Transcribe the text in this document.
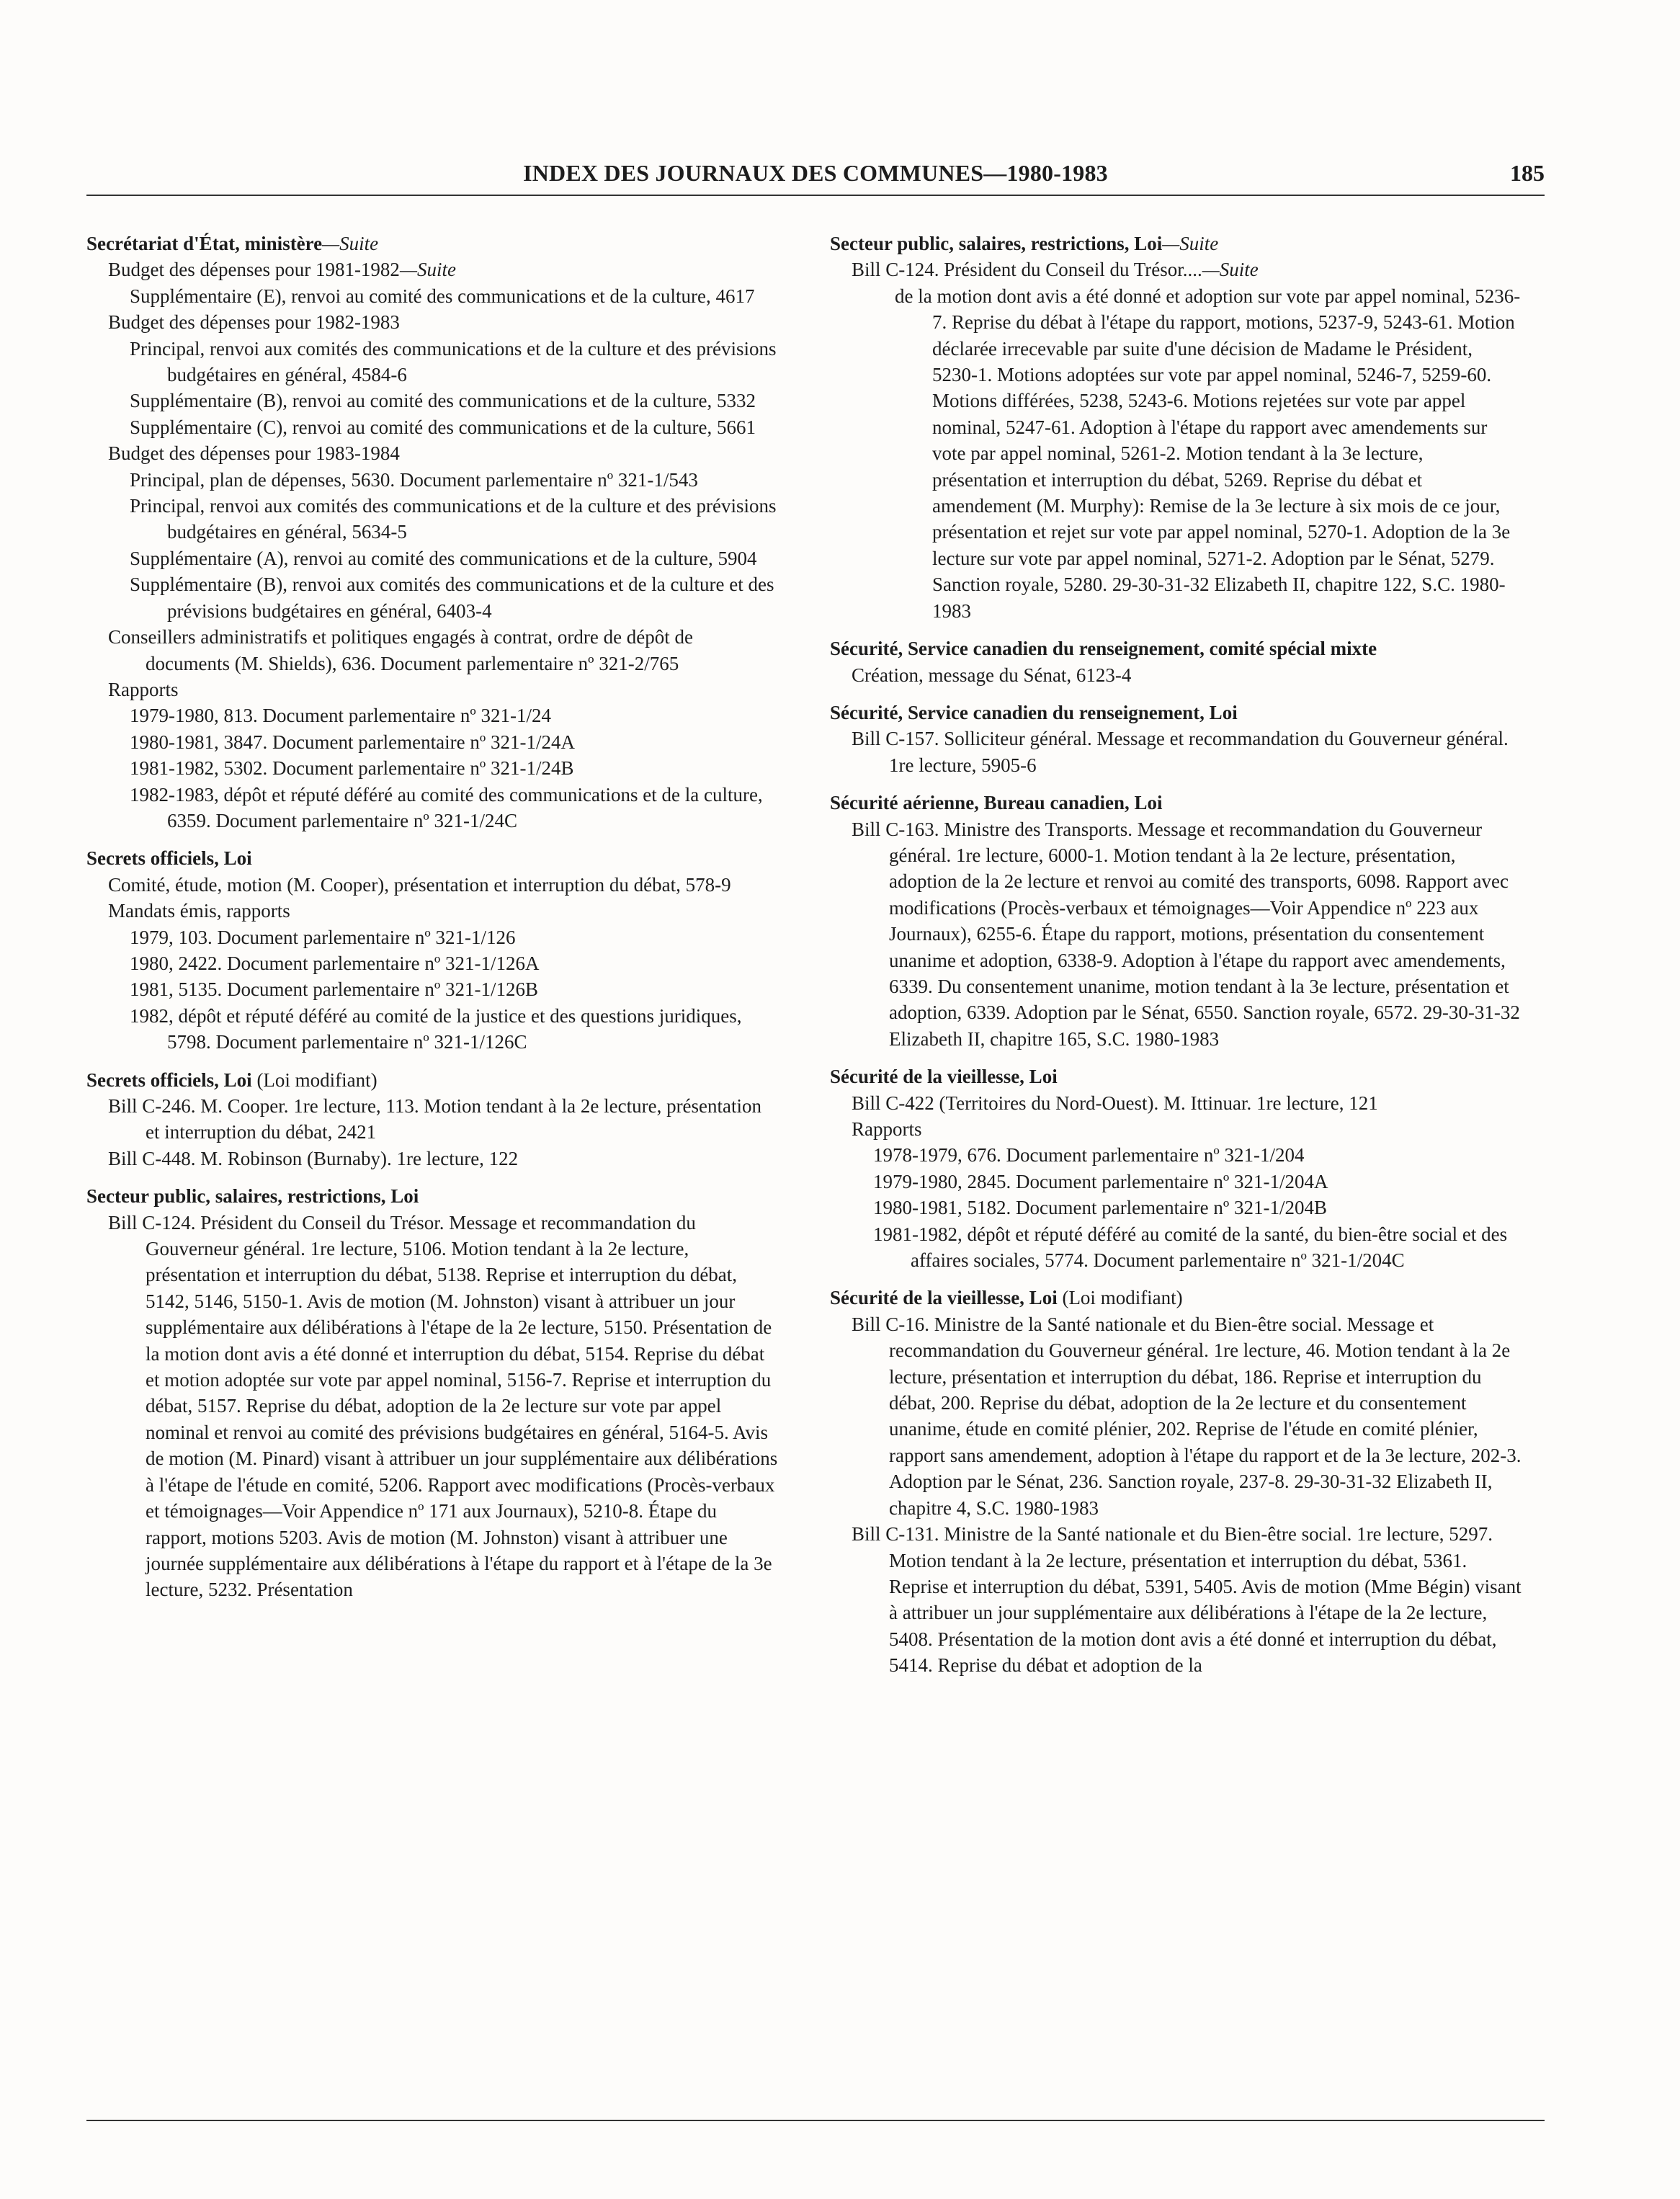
INDEX DES JOURNAUX DES COMMUNES—1980-1983	185
Secrétariat d'État, ministère—Suite
Budget des dépenses pour 1981-1982—Suite
Supplémentaire (E), renvoi au comité des communications et de la culture, 4617
Budget des dépenses pour 1982-1983
Principal, renvoi aux comités des communications et de la culture et des prévisions budgétaires en général, 4584-6
Supplémentaire (B), renvoi au comité des communications et de la culture, 5332
Supplémentaire (C), renvoi au comité des communications et de la culture, 5661
Budget des dépenses pour 1983-1984
Principal, plan de dépenses, 5630. Document parlementaire nº 321-1/543
Principal, renvoi aux comités des communications et de la culture et des prévisions budgétaires en général, 5634-5
Supplémentaire (A), renvoi au comité des communications et de la culture, 5904
Supplémentaire (B), renvoi aux comités des communications et de la culture et des prévisions budgétaires en général, 6403-4
Conseillers administratifs et politiques engagés à contrat, ordre de dépôt de documents (M. Shields), 636. Document parlementaire nº 321-2/765
Rapports
1979-1980, 813. Document parlementaire nº 321-1/24
1980-1981, 3847. Document parlementaire nº 321-1/24A
1981-1982, 5302. Document parlementaire nº 321-1/24B
1982-1983, dépôt et réputé déféré au comité des communications et de la culture, 6359. Document parlementaire nº 321-1/24C
Secrets officiels, Loi
Comité, étude, motion (M. Cooper), présentation et interruption du débat, 578-9
Mandats émis, rapports
1979, 103. Document parlementaire nº 321-1/126
1980, 2422. Document parlementaire nº 321-1/126A
1981, 5135. Document parlementaire nº 321-1/126B
1982, dépôt et réputé déféré au comité de la justice et des questions juridiques, 5798. Document parlementaire nº 321-1/126C
Secrets officiels, Loi (Loi modifiant)
Bill C-246. M. Cooper. 1re lecture, 113. Motion tendant à la 2e lecture, présentation et interruption du débat, 2421
Bill C-448. M. Robinson (Burnaby). 1re lecture, 122
Secteur public, salaires, restrictions, Loi
Bill C-124. Président du Conseil du Trésor. Message et recommandation du Gouverneur général. 1re lecture, 5106. Motion tendant à la 2e lecture, présentation et interruption du débat, 5138. Reprise et interruption du débat, 5142, 5146, 5150-1. Avis de motion (M. Johnston) visant à attribuer un jour supplémentaire aux délibérations à l'étape de la 2e lecture, 5150. Présentation de la motion dont avis a été donné et interruption du débat, 5154. Reprise du débat et motion adoptée sur vote par appel nominal, 5156-7. Reprise et interruption du débat, 5157. Reprise du débat, adoption de la 2e lecture sur vote par appel nominal et renvoi au comité des prévisions budgétaires en général, 5164-5. Avis de motion (M. Pinard) visant à attribuer un jour supplémentaire aux délibérations à l'étape de l'étude en comité, 5206. Rapport avec modifications (Procès-verbaux et témoignages—Voir Appendice nº 171 aux Journaux), 5210-8. Étape du rapport, motions 5203. Avis de motion (M. Johnston) visant à attribuer une journée supplémentaire aux délibérations à l'étape du rapport et à l'étape de la 3e lecture, 5232. Présentation
Secteur public, salaires, restrictions, Loi—Suite
Bill C-124. Président du Conseil du Trésor....—Suite
de la motion dont avis a été donné et adoption sur vote par appel nominal, 5236-7. Reprise du débat à l'étape du rapport, motions, 5237-9, 5243-61. Motion déclarée irrecevable par suite d'une décision de Madame le Président, 5230-1. Motions adoptées sur vote par appel nominal, 5246-7, 5259-60. Motions différées, 5238, 5243-6. Motions rejetées sur vote par appel nominal, 5247-61. Adoption à l'étape du rapport avec amendements sur vote par appel nominal, 5261-2. Motion tendant à la 3e lecture, présentation et interruption du débat, 5269. Reprise du débat et amendement (M. Murphy): Remise de la 3e lecture à six mois de ce jour, présentation et rejet sur vote par appel nominal, 5270-1. Adoption de la 3e lecture sur vote par appel nominal, 5271-2. Adoption par le Sénat, 5279. Sanction royale, 5280. 29-30-31-32 Elizabeth II, chapitre 122, S.C. 1980-1983
Sécurité, Service canadien du renseignement, comité spécial mixte
Création, message du Sénat, 6123-4
Sécurité, Service canadien du renseignement, Loi
Bill C-157. Solliciteur général. Message et recommandation du Gouverneur général. 1re lecture, 5905-6
Sécurité aérienne, Bureau canadien, Loi
Bill C-163. Ministre des Transports. Message et recommandation du Gouverneur général. 1re lecture, 6000-1. Motion tendant à la 2e lecture, présentation, adoption de la 2e lecture et renvoi au comité des transports, 6098. Rapport avec modifications (Procès-verbaux et témoignages—Voir Appendice nº 223 aux Journaux), 6255-6. Étape du rapport, motions, présentation du consentement unanime et adoption, 6338-9. Adoption à l'étape du rapport avec amendements, 6339. Du consentement unanime, motion tendant à la 3e lecture, présentation et adoption, 6339. Adoption par le Sénat, 6550. Sanction royale, 6572. 29-30-31-32 Elizabeth II, chapitre 165, S.C. 1980-1983
Sécurité de la vieillesse, Loi
Bill C-422 (Territoires du Nord-Ouest). M. Ittinuar. 1re lecture, 121
Rapports
1978-1979, 676. Document parlementaire nº 321-1/204
1979-1980, 2845. Document parlementaire nº 321-1/204A
1980-1981, 5182. Document parlementaire nº 321-1/204B
1981-1982, dépôt et réputé déféré au comité de la santé, du bien-être social et des affaires sociales, 5774. Document parlementaire nº 321-1/204C
Sécurité de la vieillesse, Loi (Loi modifiant)
Bill C-16. Ministre de la Santé nationale et du Bien-être social. Message et recommandation du Gouverneur général. 1re lecture, 46. Motion tendant à la 2e lecture, présentation et interruption du débat, 186. Reprise et interruption du débat, 200. Reprise du débat, adoption de la 2e lecture et du consentement unanime, étude en comité plénier, 202. Reprise de l'étude en comité plénier, rapport sans amendement, adoption à l'étape du rapport et de la 3e lecture, 202-3. Adoption par le Sénat, 236. Sanction royale, 237-8. 29-30-31-32 Elizabeth II, chapitre 4, S.C. 1980-1983
Bill C-131. Ministre de la Santé nationale et du Bien-être social. 1re lecture, 5297. Motion tendant à la 2e lecture, présentation et interruption du débat, 5361. Reprise et interruption du débat, 5391, 5405. Avis de motion (Mme Bégin) visant à attribuer un jour supplémentaire aux délibérations à l'étape de la 2e lecture, 5408. Présentation de la motion dont avis a été donné et interruption du débat, 5414. Reprise du débat et adoption de la
